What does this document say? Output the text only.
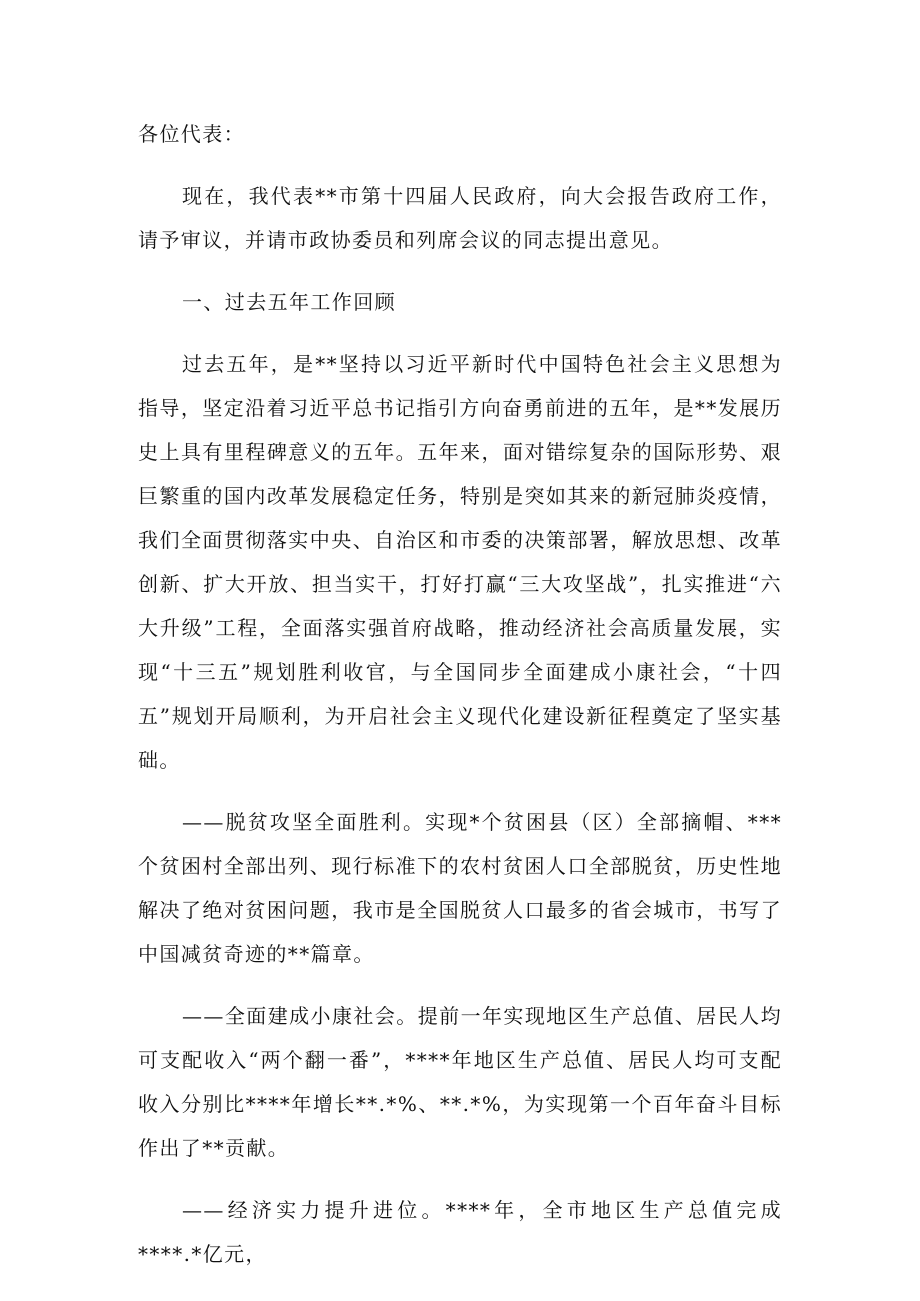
各位代表：

现在，我代表**市第十四届人民政府，向大会报告政府工作，请予审议，并请市政协委员和列席会议的同志提出意见。

一、过去五年工作回顾

过去五年，是**坚持以习近平新时代中国特色社会主义思想为指导，坚定沿着习近平总书记指引方向奋勇前进的五年，是**发展历史上具有里程碑意义的五年。五年来，面对错综复杂的国际形势、艰巨繁重的国内改革发展稳定任务，特别是突如其来的新冠肺炎疫情，我们全面贯彻落实中央、自治区和市委的决策部署，解放思想、改革创新、扩大开放、担当实干，打好打赢“三大攻坚战”，扎实推进“六大升级”工程，全面落实强首府战略，推动经济社会高质量发展，实现“十三五”规划胜利收官，与全国同步全面建成小康社会，“十四五”规划开局顺利，为开启社会主义现代化建设新征程奠定了坚实基础。

——脱贫攻坚全面胜利。实现*个贫困县（区）全部摘帽、***个贫困村全部出列、现行标准下的农村贫困人口全部脱贫，历史性地解决了绝对贫困问题，我市是全国脱贫人口最多的省会城市，书写了中国减贫奇迹的**篇章。

——全面建成小康社会。提前一年实现地区生产总值、居民人均可支配收入“两个翻一番”，****年地区生产总值、居民人均可支配收入分别比****年增长**.*%、**.*%，为实现第一个百年奋斗目标作出了**贡献。

——经济实力提升进位。****年，全市地区生产总值完成****.*亿元，
